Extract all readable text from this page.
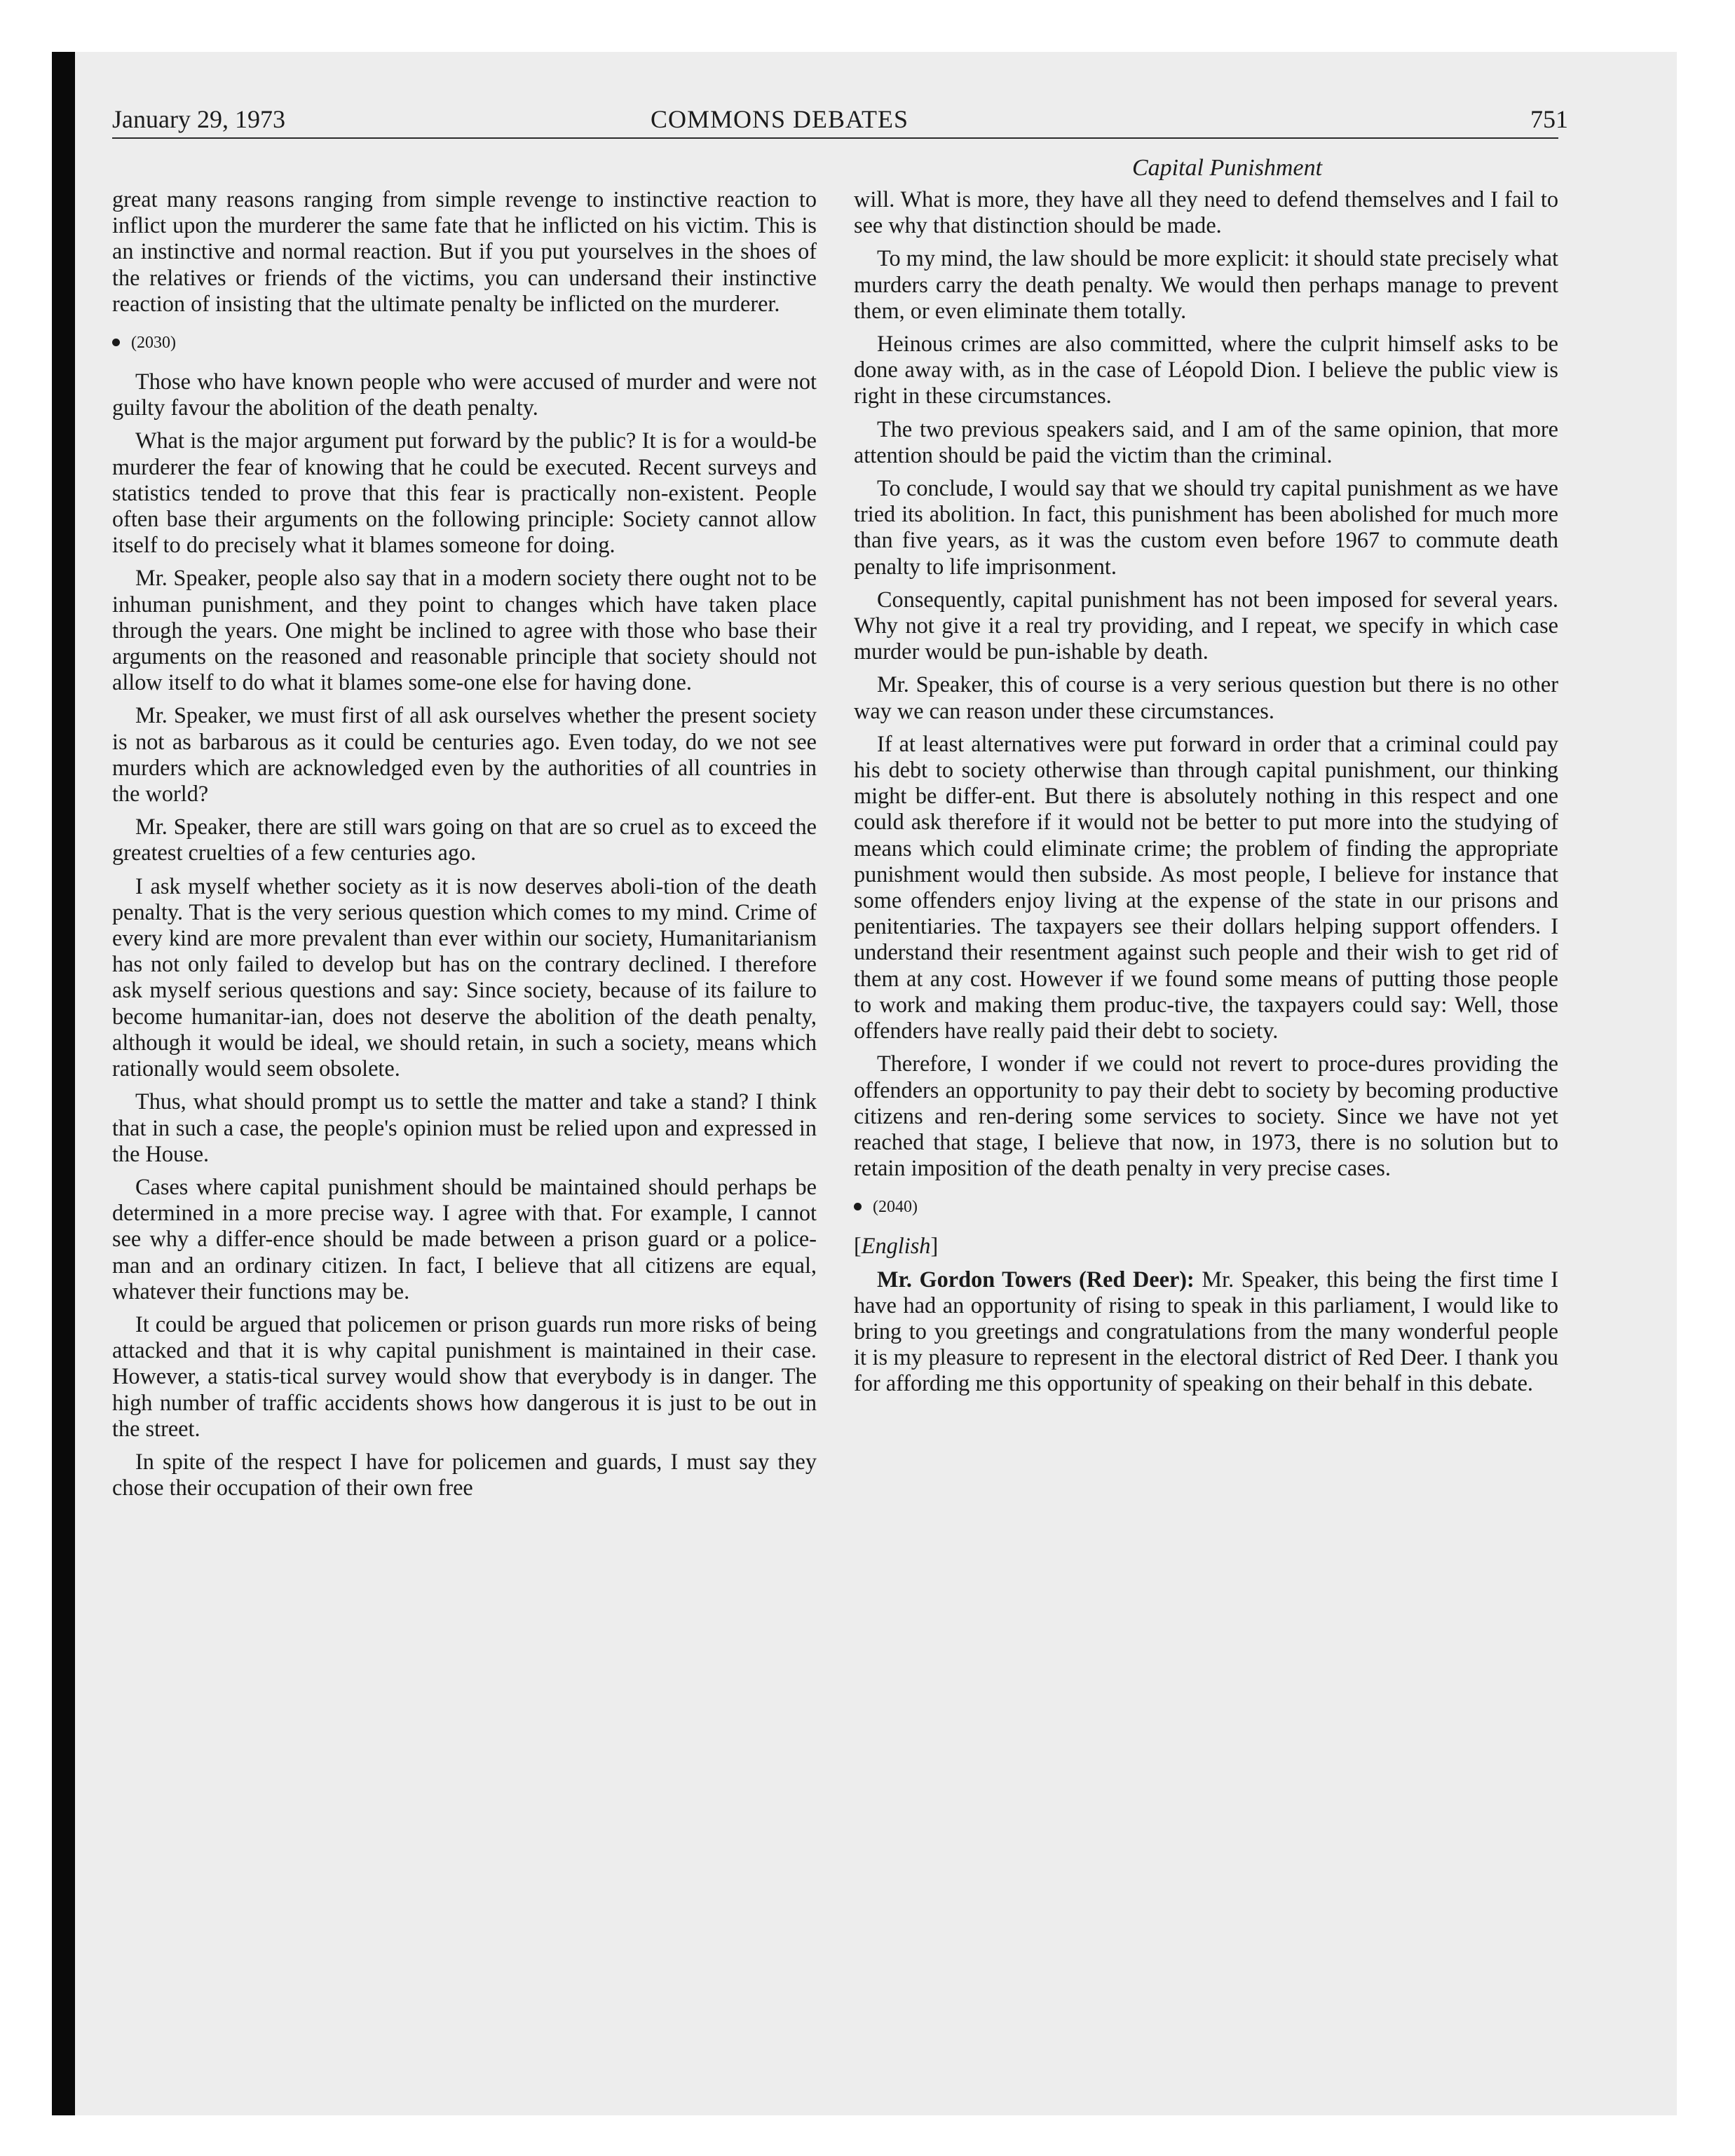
January 29, 1973	COMMONS DEBATES	751
Capital Punishment

great many reasons ranging from simple revenge to instinctive reaction to inflict upon the murderer the same fate that he inflicted on his victim. This is an instinctive and normal reaction. But if you put yourselves in the shoes of the relatives or friends of the victims, you can undersand their instinctive reaction of insisting that the ultimate penalty be inflicted on the murderer.

(2030)

Those who have known people who were accused of murder and were not guilty favour the abolition of the death penalty.

What is the major argument put forward by the public? It is for a would-be murderer the fear of knowing that he could be executed. Recent surveys and statistics tended to prove that this fear is practically non-existent. People often base their arguments on the following principle: Society cannot allow itself to do precisely what it blames someone for doing.

Mr. Speaker, people also say that in a modern society there ought not to be inhuman punishment, and they point to changes which have taken place through the years. One might be inclined to agree with those who base their arguments on the reasoned and reasonable principle that society should not allow itself to do what it blames some-one else for having done.

Mr. Speaker, we must first of all ask ourselves whether the present society is not as barbarous as it could be centuries ago. Even today, do we not see murders which are acknowledged even by the authorities of all countries in the world?

Mr. Speaker, there are still wars going on that are so cruel as to exceed the greatest cruelties of a few centuries ago.

I ask myself whether society as it is now deserves aboli-tion of the death penalty. That is the very serious question which comes to my mind. Crime of every kind are more prevalent than ever within our society, Humanitarianism has not only failed to develop but has on the contrary declined. I therefore ask myself serious questions and say: Since society, because of its failure to become humanitar-ian, does not deserve the abolition of the death penalty, although it would be ideal, we should retain, in such a society, means which rationally would seem obsolete.

Thus, what should prompt us to settle the matter and take a stand? I think that in such a case, the people's opinion must be relied upon and expressed in the House.

Cases where capital punishment should be maintained should perhaps be determined in a more precise way. I agree with that. For example, I cannot see why a differ-ence should be made between a prison guard or a police-man and an ordinary citizen. In fact, I believe that all citizens are equal, whatever their functions may be.

It could be argued that policemen or prison guards run more risks of being attacked and that it is why capital punishment is maintained in their case. However, a statis-tical survey would show that everybody is in danger. The high number of traffic accidents shows how dangerous it is just to be out in the street.

In spite of the respect I have for policemen and guards, I must say they chose their occupation of their own free

will. What is more, they have all they need to defend themselves and I fail to see why that distinction should be made.

To my mind, the law should be more explicit: it should state precisely what murders carry the death penalty. We would then perhaps manage to prevent them, or even eliminate them totally.

Heinous crimes are also committed, where the culprit himself asks to be done away with, as in the case of Léopold Dion. I believe the public view is right in these circumstances.

The two previous speakers said, and I am of the same opinion, that more attention should be paid the victim than the criminal.

To conclude, I would say that we should try capital punishment as we have tried its abolition. In fact, this punishment has been abolished for much more than five years, as it was the custom even before 1967 to commute death penalty to life imprisonment.

Consequently, capital punishment has not been imposed for several years. Why not give it a real try providing, and I repeat, we specify in which case murder would be pun-ishable by death.

Mr. Speaker, this of course is a very serious question but there is no other way we can reason under these circumstances.

If at least alternatives were put forward in order that a criminal could pay his debt to society otherwise than through capital punishment, our thinking might be differ-ent. But there is absolutely nothing in this respect and one could ask therefore if it would not be better to put more into the studying of means which could eliminate crime; the problem of finding the appropriate punishment would then subside. As most people, I believe for instance that some offenders enjoy living at the expense of the state in our prisons and penitentiaries. The taxpayers see their dollars helping support offenders. I understand their resentment against such people and their wish to get rid of them at any cost. However if we found some means of putting those people to work and making them produc-tive, the taxpayers could say: Well, those offenders have really paid their debt to society.

Therefore, I wonder if we could not revert to proce-dures providing the offenders an opportunity to pay their debt to society by becoming productive citizens and ren-dering some services to society. Since we have not yet reached that stage, I believe that now, in 1973, there is no solution but to retain imposition of the death penalty in very precise cases.

(2040)

[English]

Mr. Gordon Towers (Red Deer): Mr. Speaker, this being the first time I have had an opportunity of rising to speak in this parliament, I would like to bring to you greetings and congratulations from the many wonderful people it is my pleasure to represent in the electoral district of Red Deer. I thank you for affording me this opportunity of speaking on their behalf in this debate.
